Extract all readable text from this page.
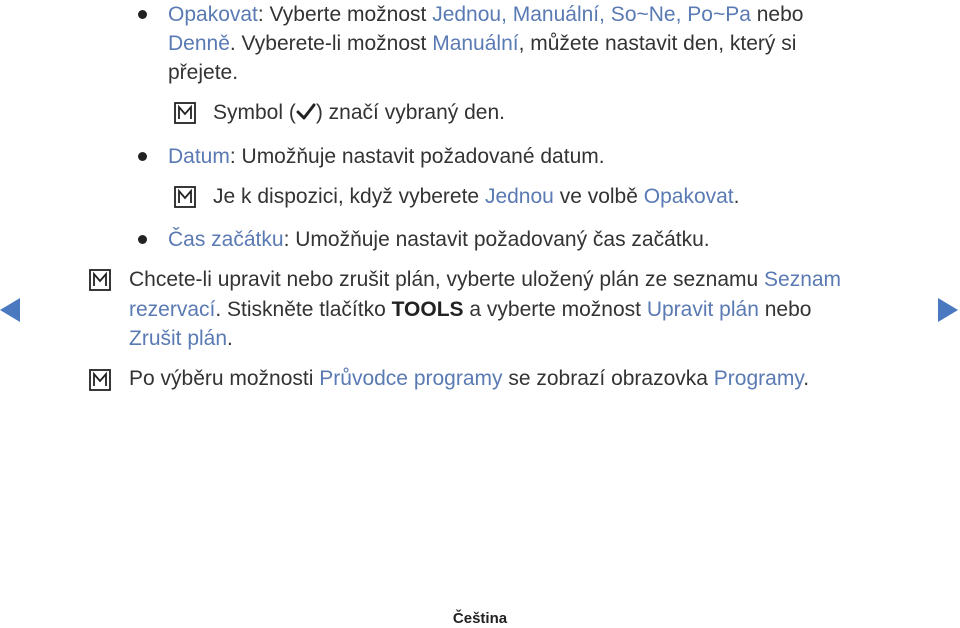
Opakovat: Vyberte možnost Jednou, Manuální, So~Ne, Po~Pa nebo
Denně. Vyberete-li možnost Manuální, můžete nastavit den, který si
přejete.
Symbol ( ) značí vybraný den.
Datum: Umožňuje nastavit požadované datum.
Je k dispozici, když vyberete Jednou ve volbě Opakovat.
Čas začátku: Umožňuje nastavit požadovaný čas začátku.
Chcete-li upravit nebo zrušit plán, vyberte uložený plán ze seznamu Seznam
rezervací. Stiskněte tlačítko TOOLS a vyberte možnost Upravit plán nebo
Zrušit plán.
Po výběru možnosti Průvodce programy se zobrazí obrazovka Programy.
Čeština
